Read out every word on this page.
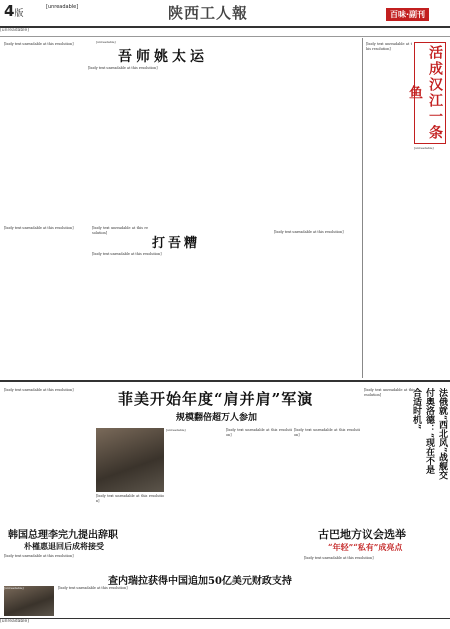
4版
[unreadable]	陕西工人報	百味·副刊
[unreadable]
[body text unreadable at this resolution]
吾师姚太运
[unreadable]
[body text unreadable at this resolution]	活成汉江一条鱼
[unreadable]
[body text unreadable at this resolution]
[body text unreadable at this resolution]
打吾糟
[body text unreadable at this resolution]
[body text unreadable at this resolution]
[body text unreadable at this resolution]
菲美开始年度“肩并肩”军演
规模翻倍超万人参加
[unreadable]
[body text unreadable at this resolution]
[body text unreadable at this resolution]
[body text unreadable at this resolution]
[body text unreadable at this resolution]
韩国总理李完九提出辞职
朴槿惠退回后成将接受
[body text unreadable at this resolution]
法俄就“西北风”战舰交付奥洛德：“现在不是合适时机”
[body text unreadable at this resolution]
查内瑞拉获得中国追加50亿美元财政支持
[unreadable]	[body text unreadable at this resolution]
古巴地方议会选举
“年轻”“私有”成亮点
[body text unreadable at this resolution]
[unreadable]
